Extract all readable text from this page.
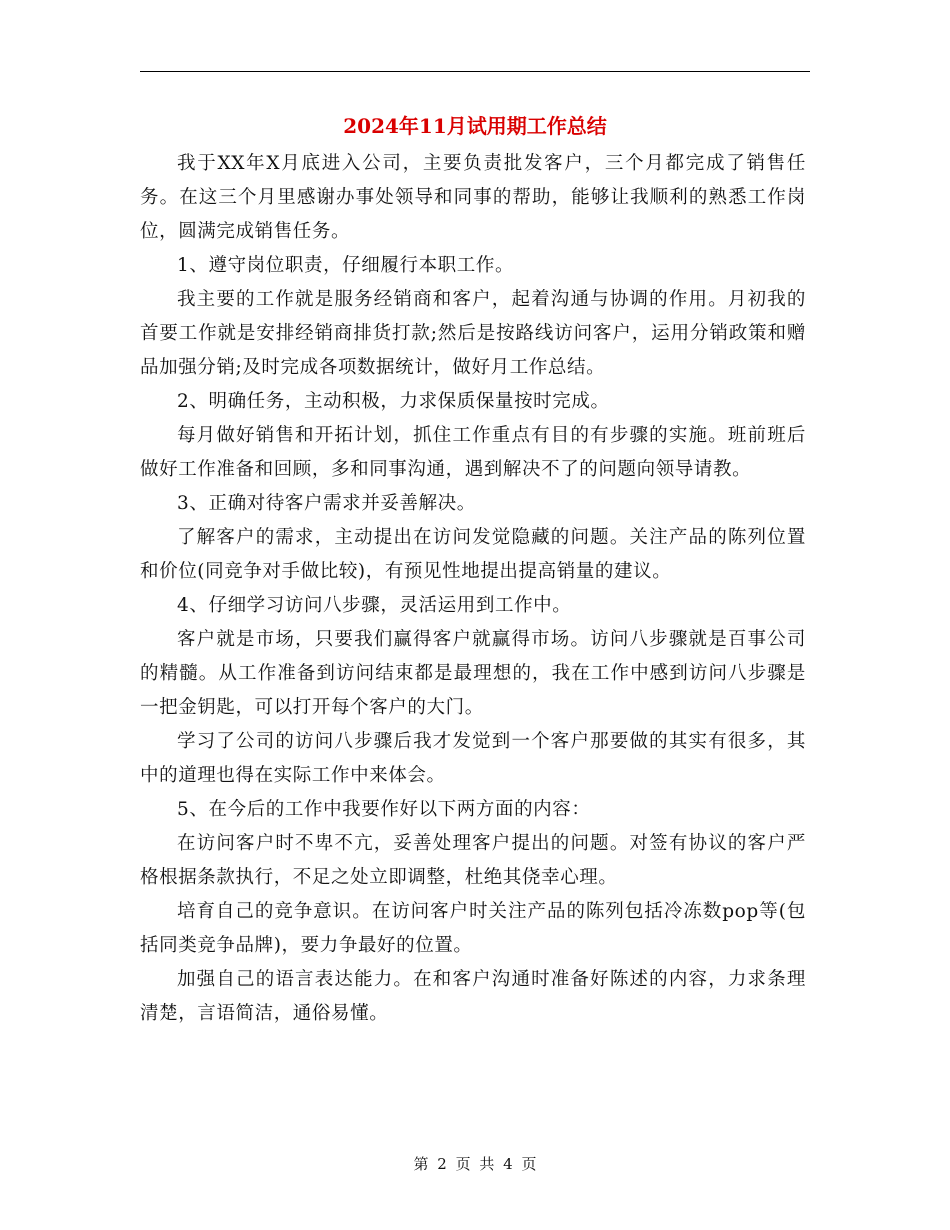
2024年11月试用期工作总结

我于XX年X月底进入公司，主要负责批发客户，三个月都完成了销售任务。在这三个月里感谢办事处领导和同事的帮助，能够让我顺利的熟悉工作岗位，圆满完成销售任务。

1、遵守岗位职责，仔细履行本职工作。

我主要的工作就是服务经销商和客户，起着沟通与协调的作用。月初我的首要工作就是安排经销商排货打款;然后是按路线访问客户，运用分销政策和赠品加强分销;及时完成各项数据统计，做好月工作总结。

2、明确任务，主动积极，力求保质保量按时完成。

每月做好销售和开拓计划，抓住工作重点有目的有步骤的实施。班前班后做好工作准备和回顾，多和同事沟通，遇到解决不了的问题向领导请教。

3、正确对待客户需求并妥善解决。

了解客户的需求，主动提出在访问发觉隐藏的问题。关注产品的陈列位置和价位(同竞争对手做比较)，有预见性地提出提高销量的建议。

4、仔细学习访问八步骤，灵活运用到工作中。

客户就是市场，只要我们赢得客户就赢得市场。访问八步骤就是百事公司的精髓。从工作准备到访问结束都是最理想的，我在工作中感到访问八步骤是一把金钥匙，可以打开每个客户的大门。

学习了公司的访问八步骤后我才发觉到一个客户那要做的其实有很多，其中的道理也得在实际工作中来体会。

5、在今后的工作中我要作好以下两方面的内容：

在访问客户时不卑不亢，妥善处理客户提出的问题。对签有协议的客户严格根据条款执行，不足之处立即调整，杜绝其侥幸心理。

培育自己的竞争意识。在访问客户时关注产品的陈列包括冷冻数pop等(包括同类竞争品牌)，要力争最好的位置。

加强自己的语言表达能力。在和客户沟通时准备好陈述的内容，力求条理清楚，言语简洁，通俗易懂。

第 2 页 共 4 页
